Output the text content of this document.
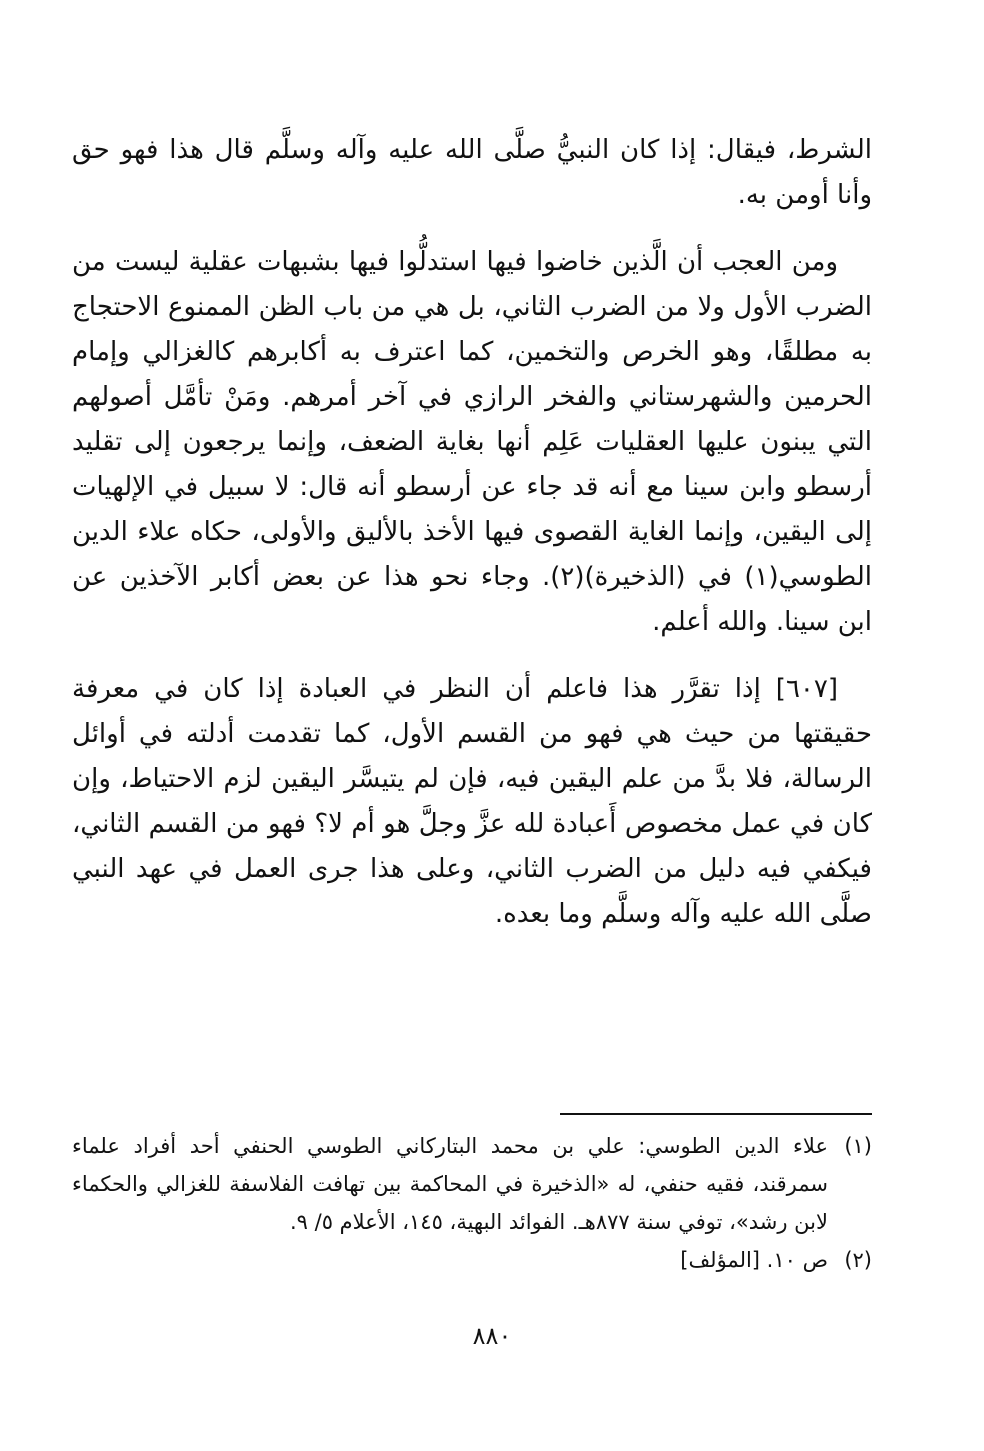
الشرط، فيقال: إذا كان النبيُّ صلَّى الله عليه وآله وسلَّم قال هذا فهو حق وأنا أومن به.

ومن العجب أن الَّذين خاضوا فيها استدلُّوا فيها بشبهات عقلية ليست من الضرب الأول ولا من الضرب الثاني، بل هي من باب الظن الممنوع الاحتجاج به مطلقًا، وهو الخرص والتخمين، كما اعترف به أكابرهم كالغزالي وإمام الحرمين والشهرستاني والفخر الرازي في آخر أمرهم. ومَنْ تأمَّل أصولهم التي يبنون عليها العقليات عَلِم أنها بغاية الضعف، وإنما يرجعون إلى تقليد أرسطو وابن سينا مع أنه قد جاء عن أرسطو أنه قال: لا سبيل في الإلهيات إلى اليقين، وإنما الغاية القصوى فيها الأخذ بالأليق والأولى، حكاه علاء الدين الطوسي(١) في (الذخيرة)(٢). وجاء نحو هذا عن بعض أكابر الآخذين عن ابن سينا. والله أعلم.

[٦٠٧] إذا تقرَّر هذا فاعلم أن النظر في العبادة إذا كان في معرفة حقيقتها من حيث هي فهو من القسم الأول، كما تقدمت أدلته في أوائل الرسالة، فلا بدَّ من علم اليقين فيه، فإن لم يتيسَّر اليقين لزم الاحتياط، وإن كان في عمل مخصوص أَعبادة لله عزَّ وجلَّ هو أم لا؟ فهو من القسم الثاني، فيكفي فيه دليل من الضرب الثاني، وعلى هذا جرى العمل في عهد النبي صلَّى الله عليه وآله وسلَّم وما بعده.

(١)
علاء الدين الطوسي: علي بن محمد البتاركاني الطوسي الحنفي أحد أفراد علماء سمرقند، فقيه حنفي، له «الذخيرة في المحاكمة بين تهافت الفلاسفة للغزالي والحكماء لابن رشد»، توفي سنة ٨٧٧هـ. الفوائد البهية، ١٤٥، الأعلام ٥/ ٩.
(٢)
ص ١٠. [المؤلف]
٨٨٠
